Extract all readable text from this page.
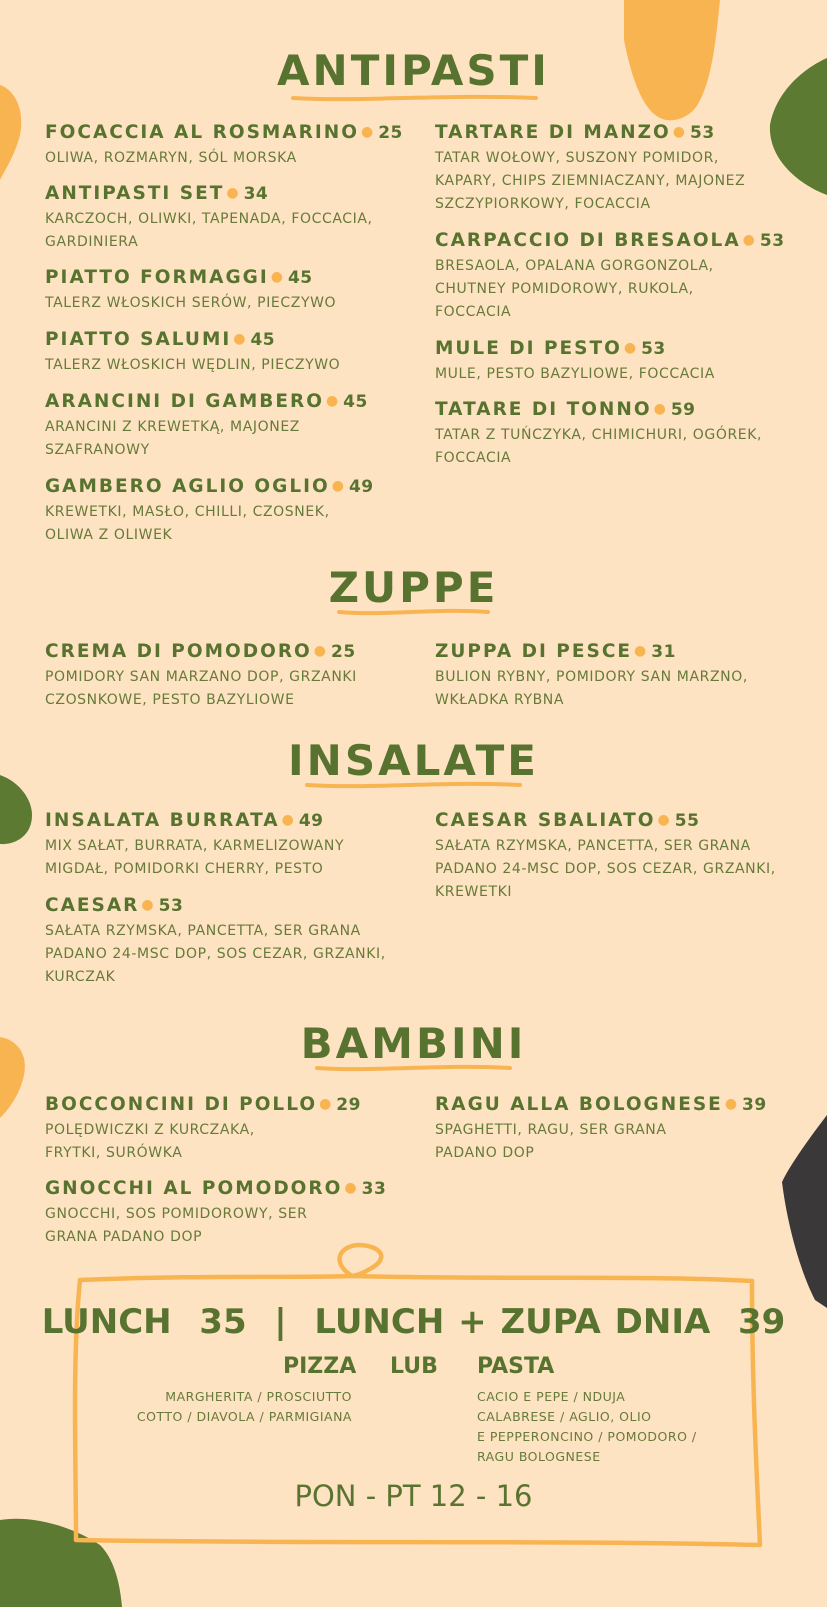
ANTIPASTI
FOCACCIA AL ROSMARINO ● 25
OLIWA, ROZMARYN, SÓL MORSKA
ANTIPASTI SET ● 34
KARCZOCH, OLIWKI, TAPENADA, FOCCACIA, GARDINIERA
PIATTO FORMAGGI ● 45
TALERZ WŁOSKICH SERÓW, PIECZYWO
PIATTO SALUMI ● 45
TALERZ WŁOSKICH WĘDLIN, PIECZYWO
ARANCINI DI GAMBERO ● 45
ARANCINI Z KREWETKĄ, MAJONEZ SZAFRANOWY
GAMBERO AGLIO OGLIO ● 49
KREWETKI, MASŁO, CHILLI, CZOSNEK, OLIWA Z OLIWEK
TARTARE DI MANZO ● 53
TATAR WOŁOWY, SUSZONY POMIDOR, KAPARY, CHIPS ZIEMNIACZANY, MAJONEZ SZCZYPIORKOWY, FOCACCIA
CARPACCIO DI BRESAOLA ● 53
BRESAOLA, OPALANA GORGONZOLA, CHUTNEY POMIDOROWY, RUKOLA, FOCCACIA
MULE DI PESTO ● 53
MULE, PESTO BAZYLIOWE, FOCCACIA
TATARE DI TONNO ● 59
TATAR Z TUŃCZYKA, CHIMICHURI, OGÓREK, FOCCACIA
ZUPPE
CREMA DI POMODORO ● 25
POMIDORY SAN MARZANO DOP, GRZANKI CZOSNKOWE, PESTO BAZYLIOWE
ZUPPA DI PESCE ● 31
BULION RYBNY, POMIDORY SAN MARZNO, WKŁADKA RYBNA
INSALATE
INSALATA BURRATA ● 49
MIX SAŁAT, BURRATA, KARMELIZOWANY MIGDAŁ, POMIDORKI CHERRY, PESTO
CAESAR ● 53
SAŁATA RZYMSKA, PANCETTA, SER GRANA PADANO 24-MSC DOP, SOS CEZAR, GRZANKI, KURCZAK
CAESAR SBALIATO ● 55
SAŁATA RZYMSKA, PANCETTA, SER GRANA PADANO 24-MSC DOP, SOS CEZAR, GRZANKI, KREWETKI
BAMBINI
BOCCONCINI DI POLLO ● 29
POLĘDWICZKI Z KURCZAKA, FRYTKI, SURÓWKA
GNOCCHI AL POMODORO ● 33
GNOCCHI, SOS POMIDOROWY, SER GRANA PADANO DOP
RAGU ALLA BOLOGNESE ● 39
SPAGHETTI, RAGU, SER GRANA PADANO DOP
LUNCH  35  |  LUNCH + ZUPA DNIA  39
PIZZA LUB PASTA
MARGHERITA / PROSCIUTTO
COTTO / DIAVOLA / PARMIGIANA
CACIO E PEPE / NDUJA
CALABRESE / AGLIO, OLIO
E PEPPERONCINO / POMODORO /
RAGU BOLOGNESE
PON - PT 12 - 16
